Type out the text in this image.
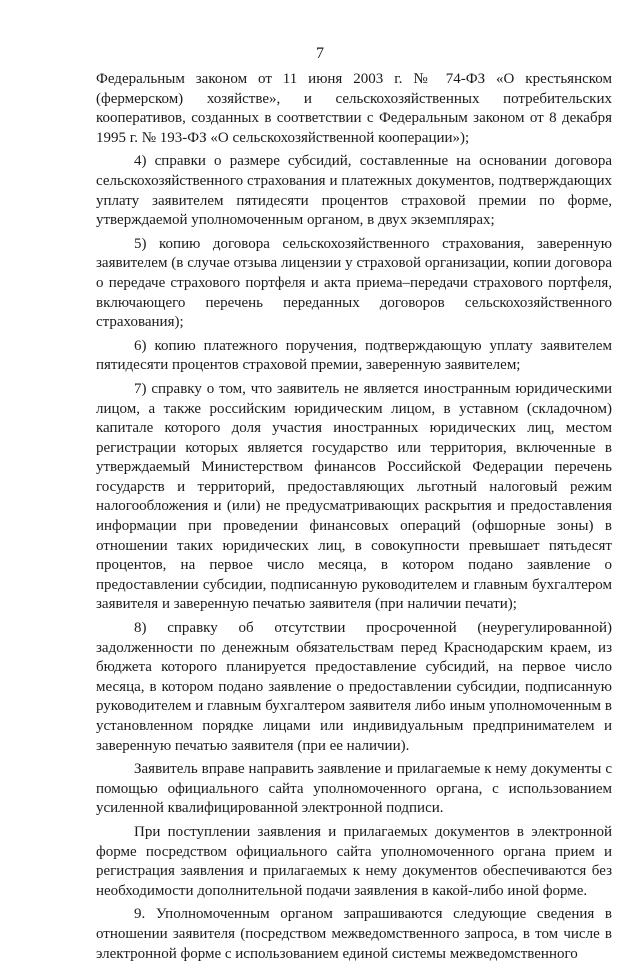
7

Федеральным законом от 11 июня 2003 г. № 74-ФЗ «О крестьянском (фермерском) хозяйстве», и сельскохозяйственных потребительских кооперативов, созданных в соответствии с Федеральным законом от 8 декабря 1995 г. № 193-ФЗ «О сельскохозяйственной кооперации»);

4) справки о размере субсидий, составленные на основании договора сельскохозяйственного страхования и платежных документов, подтверждающих уплату заявителем пятидесяти процентов страховой премии по форме, утверждаемой уполномоченным органом, в двух экземплярах;

5) копию договора сельскохозяйственного страхования, заверенную заявителем (в случае отзыва лицензии у страховой организации, копии договора о передаче страхового портфеля и акта приема–передачи страхового портфеля, включающего перечень переданных договоров сельскохозяйственного страхования);

6) копию платежного поручения, подтверждающую уплату заявителем пятидесяти процентов страховой премии, заверенную заявителем;

7) справку о том, что заявитель не является иностранным юридическими лицом, а также российским юридическим лицом, в уставном (складочном) капитале которого доля участия иностранных юридических лиц, местом регистрации которых является государство или территория, включенные в утверждаемый Министерством финансов Российской Федерации перечень государств и территорий, предоставляющих льготный налоговый режим налогообложения и (или) не предусматривающих раскрытия и предоставления информации при проведении финансовых операций (офшорные зоны) в отношении таких юридических лиц, в совокупности превышает пятьдесят процентов, на первое число месяца, в котором подано заявление о предоставлении субсидии, подписанную руководителем и главным бухгалтером заявителя и заверенную печатью заявителя (при наличии печати);

8) справку об отсутствии просроченной (неурегулированной) задолженности по денежным обязательствам перед Краснодарским краем, из бюджета которого планируется предоставление субсидий, на первое число месяца, в котором подано заявление о предоставлении субсидии, подписанную руководителем и главным бухгалтером заявителя либо иным уполномоченным в установленном порядке лицами или индивидуальным предпринимателем и заверенную печатью заявителя (при ее наличии).

Заявитель вправе направить заявление и прилагаемые к нему документы с помощью официального сайта уполномоченного органа, с использованием усиленной квалифицированной электронной подписи.

При поступлении заявления и прилагаемых документов в электронной форме посредством официального сайта уполномоченного органа прием и регистрация заявления и прилагаемых к нему документов обеспечиваются без необходимости дополнительной подачи заявления в какой-либо иной форме.

9. Уполномоченным органом запрашиваются следующие сведения в отношении заявителя (посредством межведомственного запроса, в том числе в электронной форме с использованием единой системы межведомственного
